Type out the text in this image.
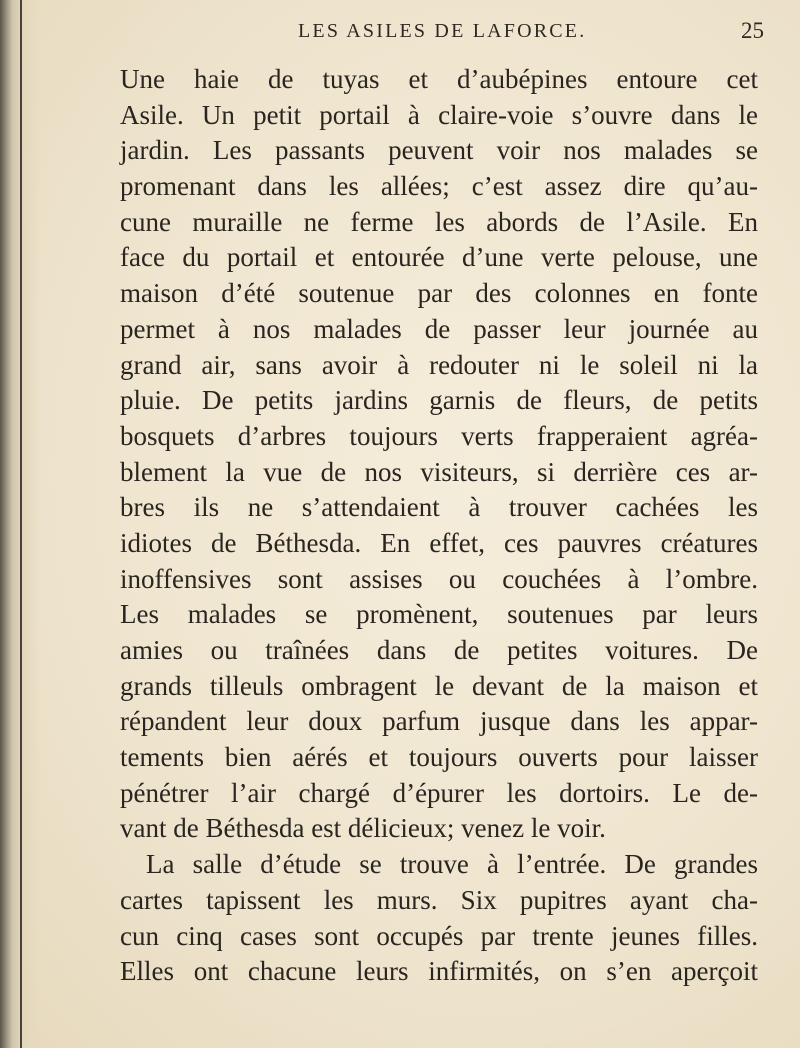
LES ASILES DE LAFORCE.	25
Une haie de tuyas et d’aubépines entoure cet
Asile. Un petit portail à claire-voie s’ouvre dans le
jardin. Les passants peuvent voir nos malades se
promenant dans les allées; c’est assez dire qu’au-
cune muraille ne ferme les abords de l’Asile. En
face du portail et entourée d’une verte pelouse, une
maison d’été soutenue par des colonnes en fonte
permet à nos malades de passer leur journée au
grand air, sans avoir à redouter ni le soleil ni la
pluie. De petits jardins garnis de fleurs, de petits
bosquets d’arbres toujours verts frapperaient agréa-
blement la vue de nos visiteurs, si derrière ces ar-
bres ils ne s’attendaient à trouver cachées les
idiotes de Béthesda. En effet, ces pauvres créatures
inoffensives sont assises ou couchées à l’ombre.
Les malades se promènent, soutenues par leurs
amies ou traînées dans de petites voitures. De
grands tilleuls ombragent le devant de la maison et
répandent leur doux parfum jusque dans les appar-
tements bien aérés et toujours ouverts pour laisser
pénétrer l’air chargé d’épurer les dortoirs. Le de-
vant de Béthesda est délicieux; venez le voir.
La salle d’étude se trouve à l’entrée. De grandes
cartes tapissent les murs. Six pupitres ayant cha-
cun cinq cases sont occupés par trente jeunes filles.
Elles ont chacune leurs infirmités, on s’en aperçoit
